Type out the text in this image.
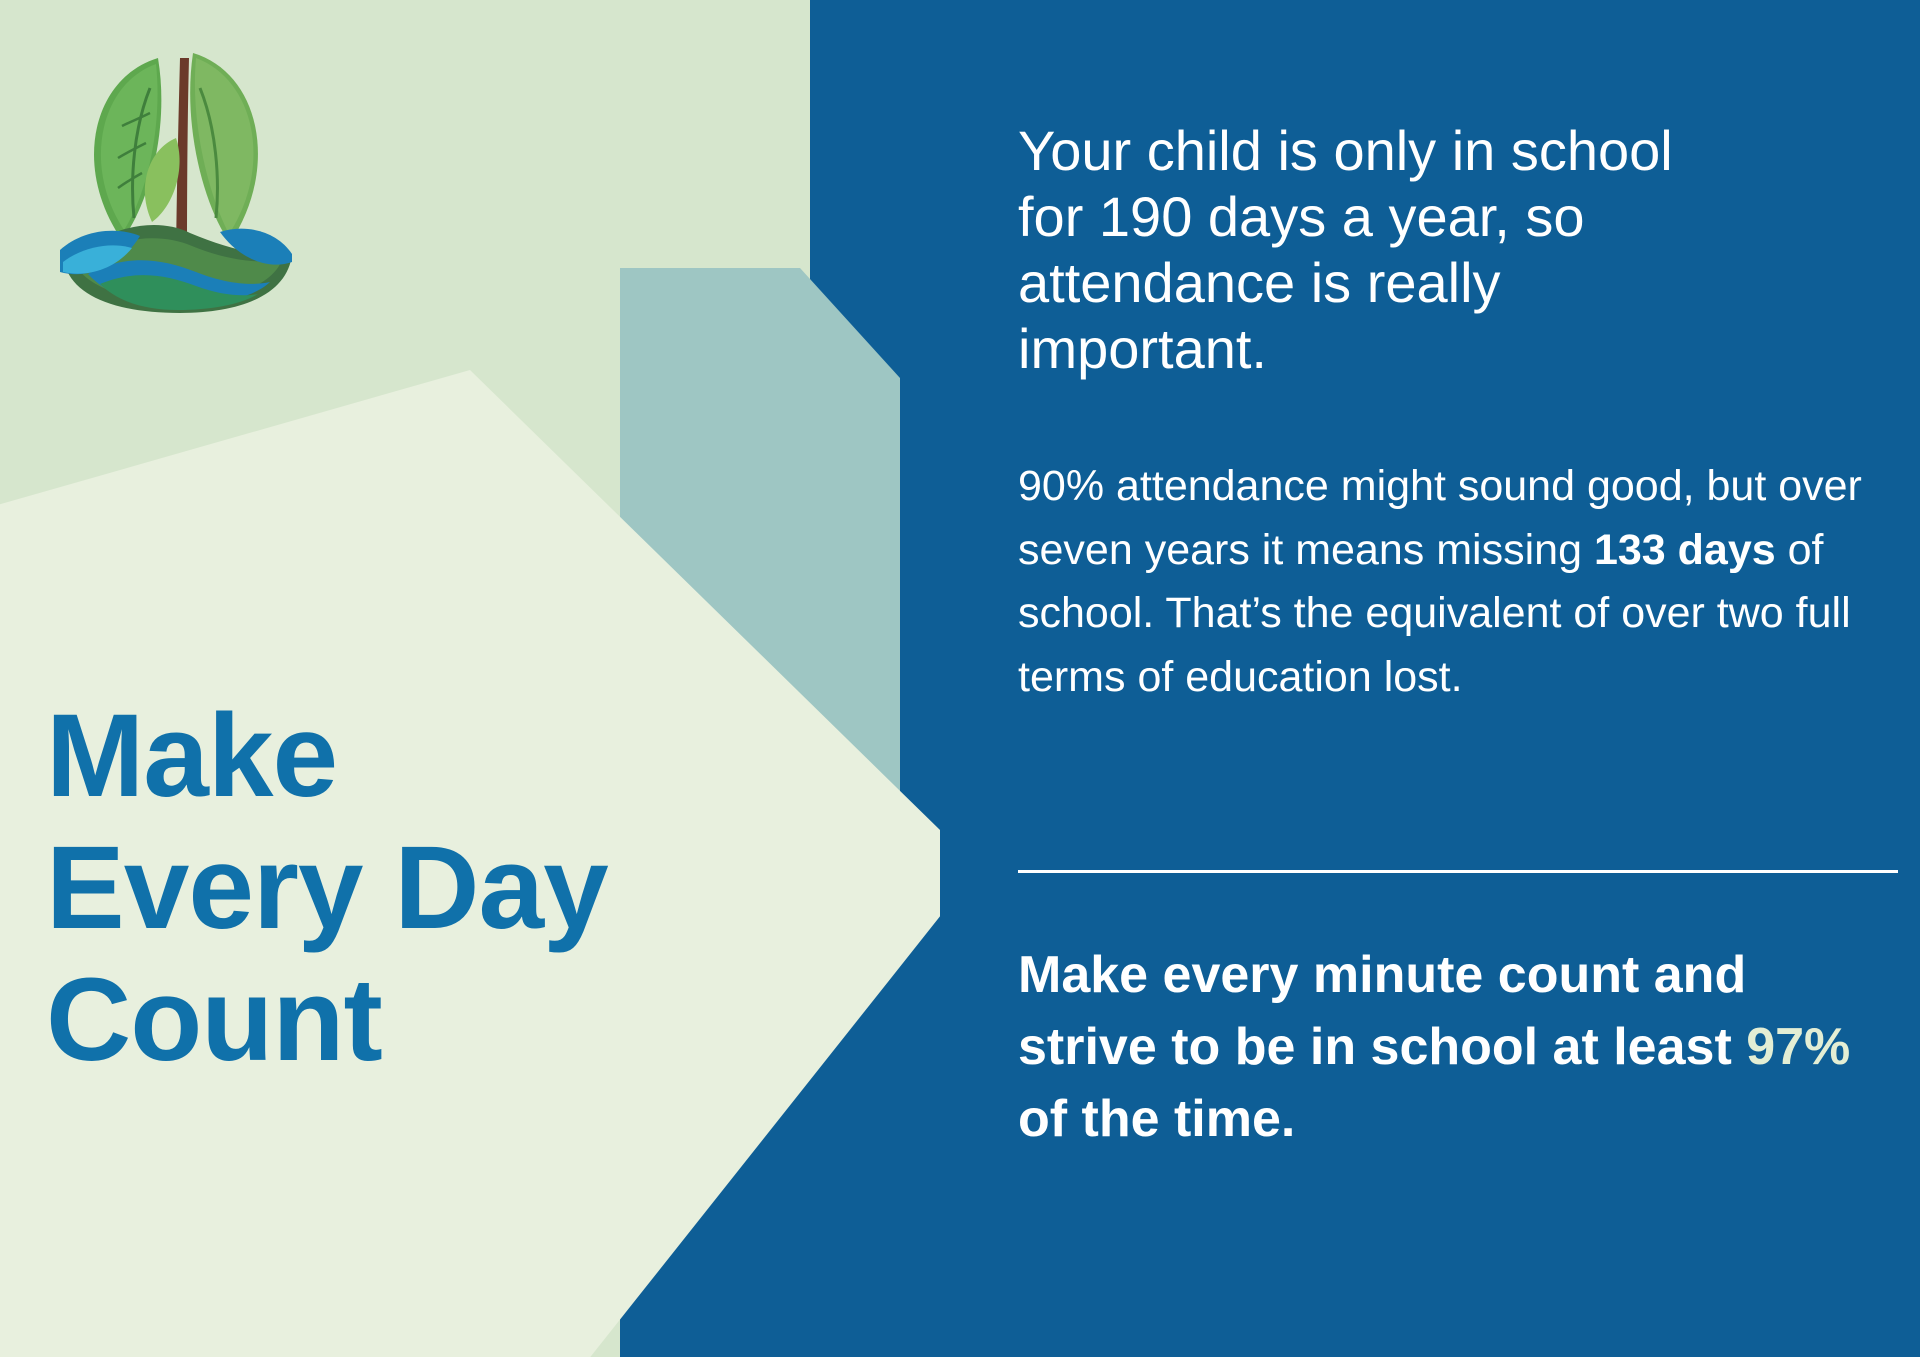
Make
Every Day
Count
Your child is only in school for 190 days a year, so attendance is really important.
90% attendance might sound good, but over seven years it means missing 133 days of school. That’s the equivalent of over two full terms of education lost.
Make every minute count and strive to be in school at least 97% of the time.
